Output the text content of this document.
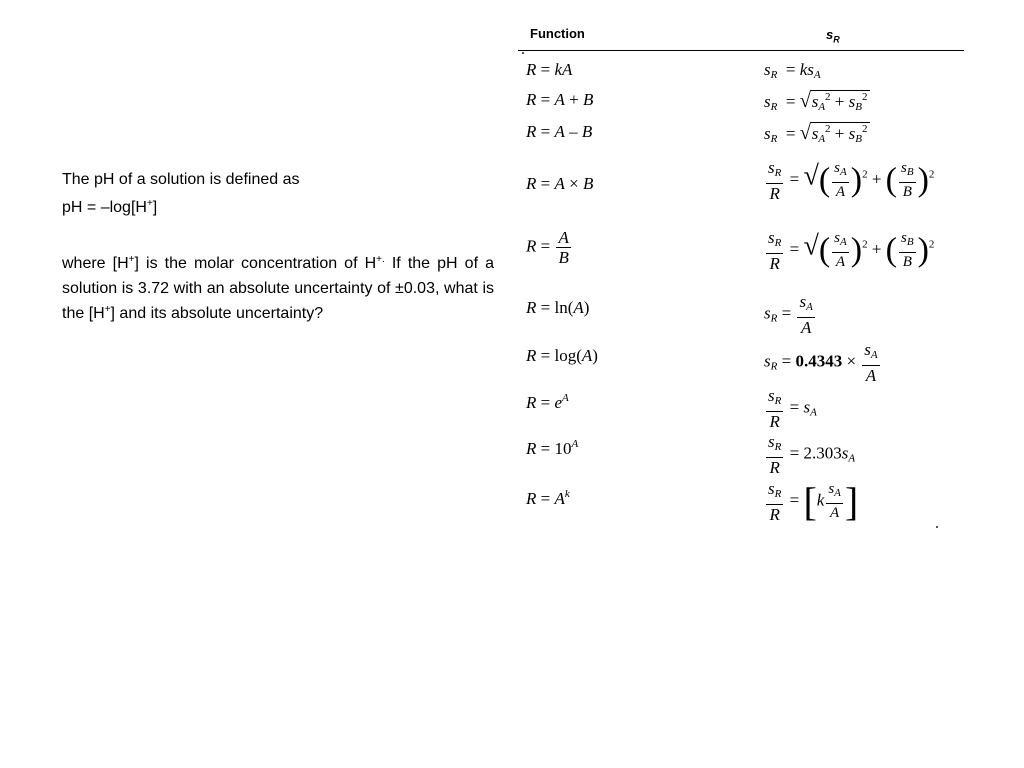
The pH of a solution is defined as

pH = –log[H+]

where [H+] is the molar concentration of H+. If the pH of a solution is 3.72 with an absolute uncertainty of ±0.03, what is the [H+] and its absolute uncertainty?

Function	$s_R$
R = kA	sR  = ksA
R = A + B	sR  = $√sA^2 + sB^2$
R = A – B	sR  = $√sA^2 + sB^2$
R = A × B	$\frac{sR}{R}$ = √( $\frac{s_A}{A} )^2$ + ( $\frac{s_B}{B} )^2$
$R = \frac{A}{B}$	$\frac{sR}{R}$ = √( $\frac{s_A}{A} )^2$ + ( $\frac{s_B}{B} )^2$
R = ln(A)	sR = $\frac{sA}{A}$
R = log(A)	sR = $0.4343 \times \frac{sA}{A}$
$R = e^A$	$\frac{sR}{R}$ = sA
$R = 10^A$	$\frac{sR}{R} = 2.303sA$
$R = A^k$	$\frac{sR}{R} = [k \frac{s_A}{A}$ ]
